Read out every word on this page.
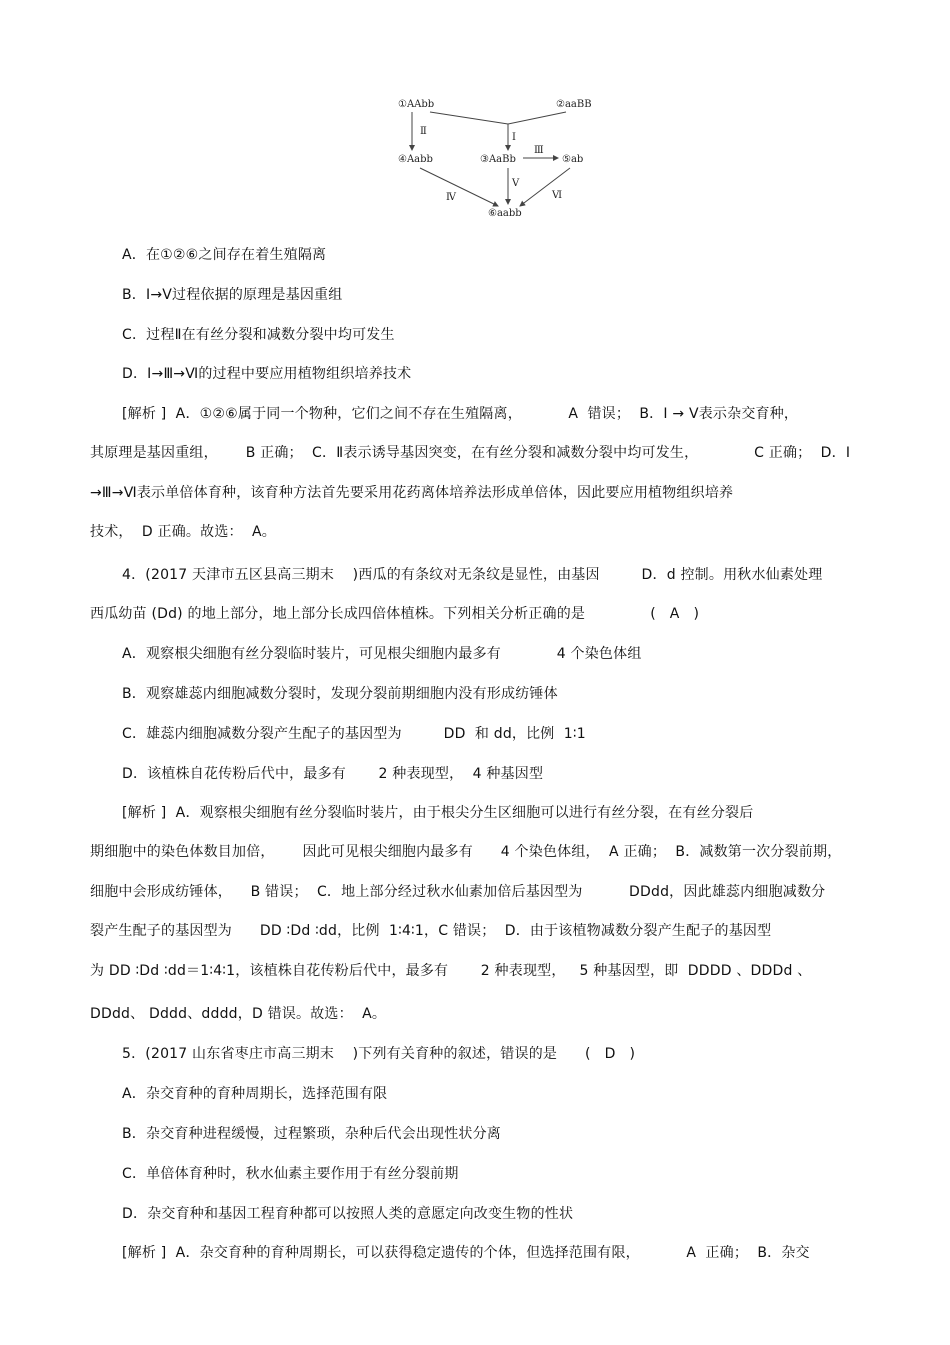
①AAbb	②aaBB
Ⅱ
Ⅰ
④Aabb	③AaBb
Ⅲ
⑤ab
Ⅳ
Ⅴ
Ⅵ
⑥aabb
A．在①②⑥之间存在着生殖隔离
B．Ⅰ→Ⅴ过程依据的原理是基因重组
C．过程Ⅱ在有丝分裂和减数分裂中均可发生
D．Ⅰ→Ⅲ→Ⅵ的过程中要应用植物组织培养技术
[解析 ]  A．①②⑥属于同一个物种，它们之间不存在生殖隔离，          A  错误；  B．Ⅰ → Ⅴ表示杂交育种，
其原理是基因重组，      B 正确；  C．Ⅱ表示诱导基因突变，在有丝分裂和减数分裂中均可发生，            C 正确；  D．Ⅰ
→Ⅲ→Ⅵ表示单倍体育种，该育种方法首先要采用花药离体培养法形成单倍体，因此要应用植物组织培养
技术，  D 正确。故选：  A。
4．(2017 天津市五区县高三期末    )西瓜的有条纹对无条纹是显性，由基因         D．d 控制。用秋水仙素处理
西瓜幼苗 (Dd) 的地上部分，地上部分长成四倍体植株。下列相关分析正确的是              (   A   )
A．观察根尖细胞有丝分裂临时装片，可见根尖细胞内最多有            4 个染色体组
B．观察雄蕊内细胞减数分裂时，发现分裂前期细胞内没有形成纺锤体
C．雄蕊内细胞减数分裂产生配子的基因型为         DD  和 dd，比例  1∶1
D．该植株自花传粉后代中，最多有       2 种表现型，  4 种基因型
[解析 ]  A．观察根尖细胞有丝分裂临时装片，由于根尖分生区细胞可以进行有丝分裂，在有丝分裂后
期细胞中的染色体数目加倍，      因此可见根尖细胞内最多有      4 个染色体组，  A 正确；  B．减数第一次分裂前期，
细胞中会形成纺锤体，    B 错误；  C．地上部分经过秋水仙素加倍后基因型为          DDdd，因此雄蕊内细胞减数分
裂产生配子的基因型为      DD ∶Dd ∶dd，比例  1∶4∶1，C 错误；  D．由于该植物减数分裂产生配子的基因型
为 DD ∶Dd ∶dd＝1∶4∶1，该植株自花传粉后代中，最多有       2 种表现型，   5 种基因型，即  DDDD 、DDDd 、
DDdd、 Dddd、dddd，D 错误。故选：  A。
5．(2017 山东省枣庄市高三期末    )下列有关育种的叙述，错误的是      (   D   )
A．杂交育种的育种周期长，选择范围有限
B．杂交育种进程缓慢，过程繁琐，杂种后代会出现性状分离
C．单倍体育种时，秋水仙素主要作用于有丝分裂前期
D．杂交育种和基因工程育种都可以按照人类的意愿定向改变生物的性状
[解析 ]  A．杂交育种的育种周期长，可以获得稳定遗传的个体，但选择范围有限，          A  正确；  B．杂交
